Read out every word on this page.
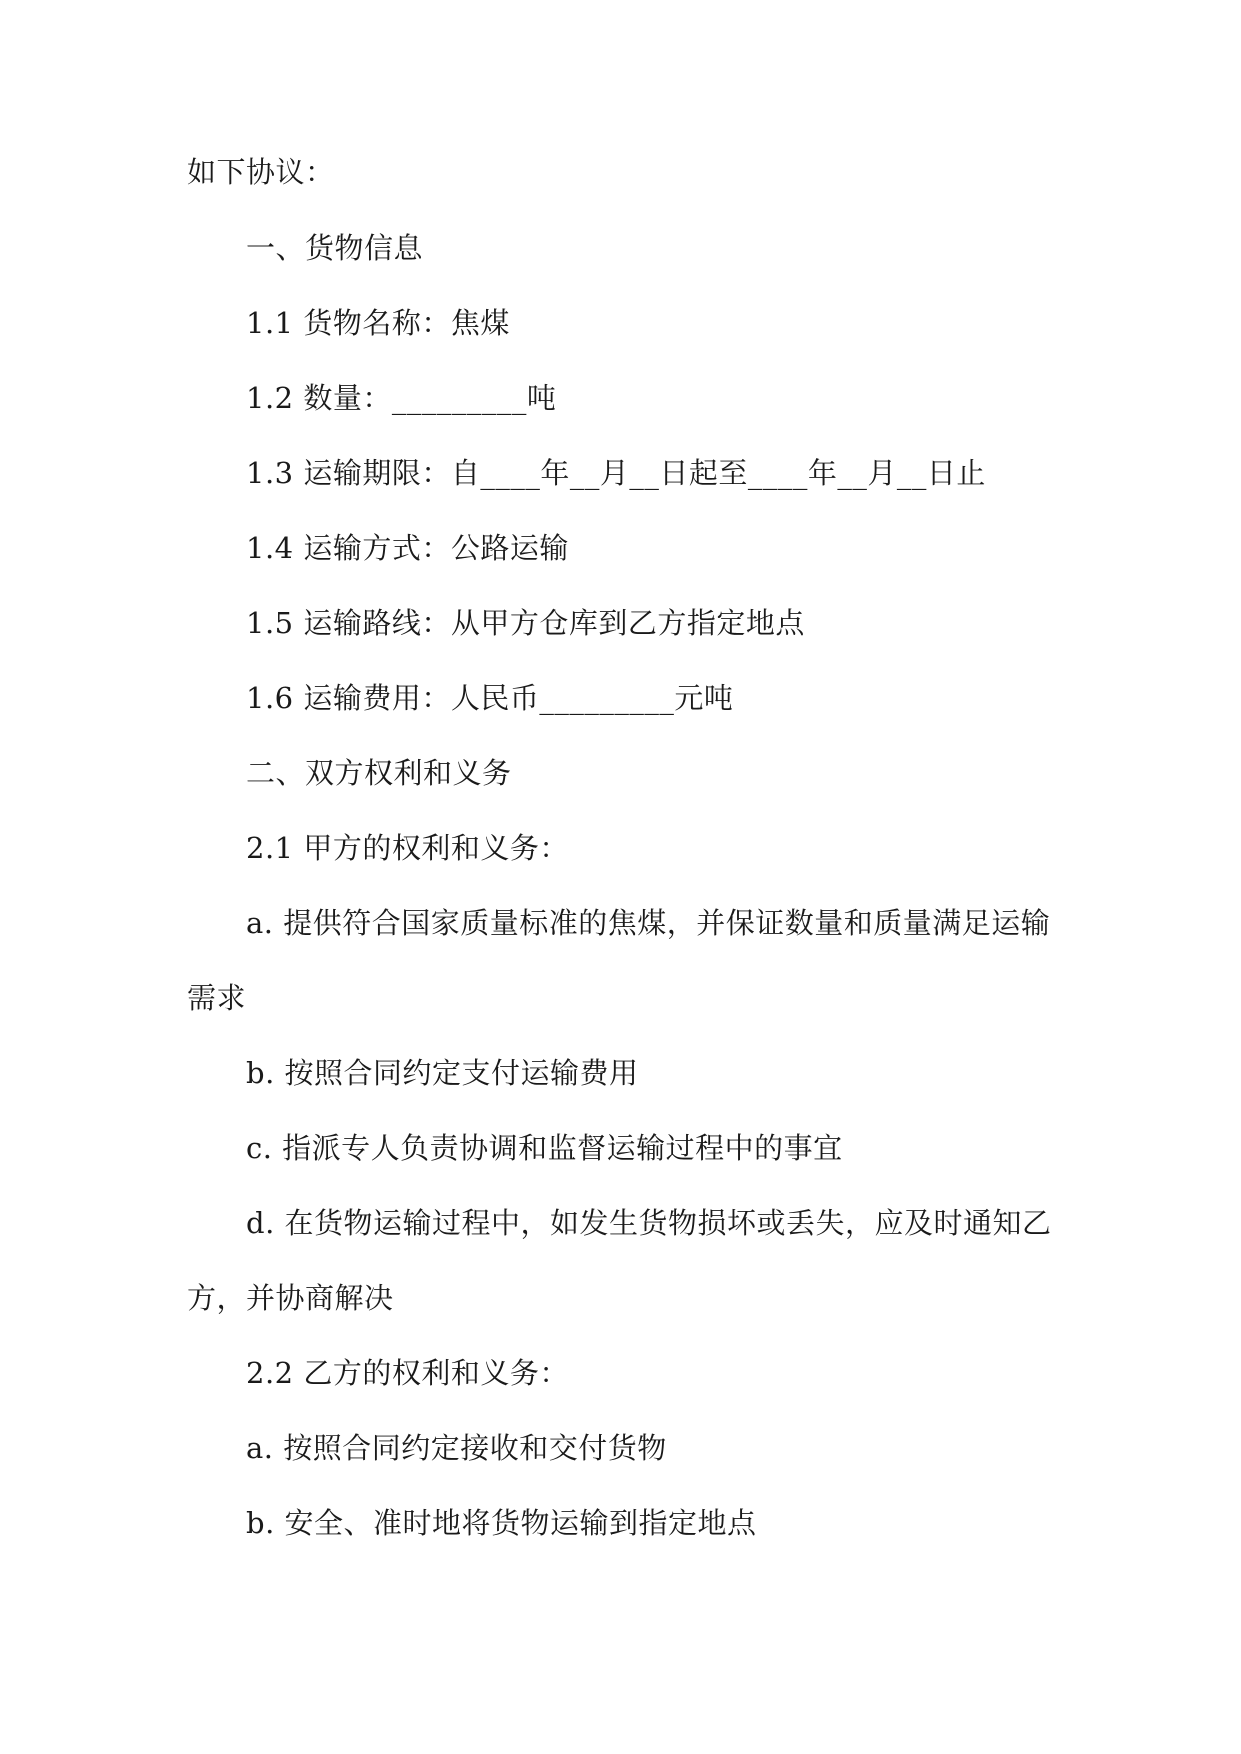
如下协议：
一、货物信息
1.1 货物名称：焦煤
1.2 数量：_________吨
1.3 运输期限：自____年__月__日起至____年__月__日止
1.4 运输方式：公路运输
1.5 运输路线：从甲方仓库到乙方指定地点
1.6 运输费用：人民币_________元吨
二、双方权利和义务
2.1 甲方的权利和义务：
a. 提供符合国家质量标准的焦煤，并保证数量和质量满足运输
需求
b. 按照合同约定支付运输费用
c. 指派专人负责协调和监督运输过程中的事宜
d. 在货物运输过程中，如发生货物损坏或丢失，应及时通知乙
方，并协商解决
2.2 乙方的权利和义务：
a. 按照合同约定接收和交付货物
b. 安全、准时地将货物运输到指定地点
